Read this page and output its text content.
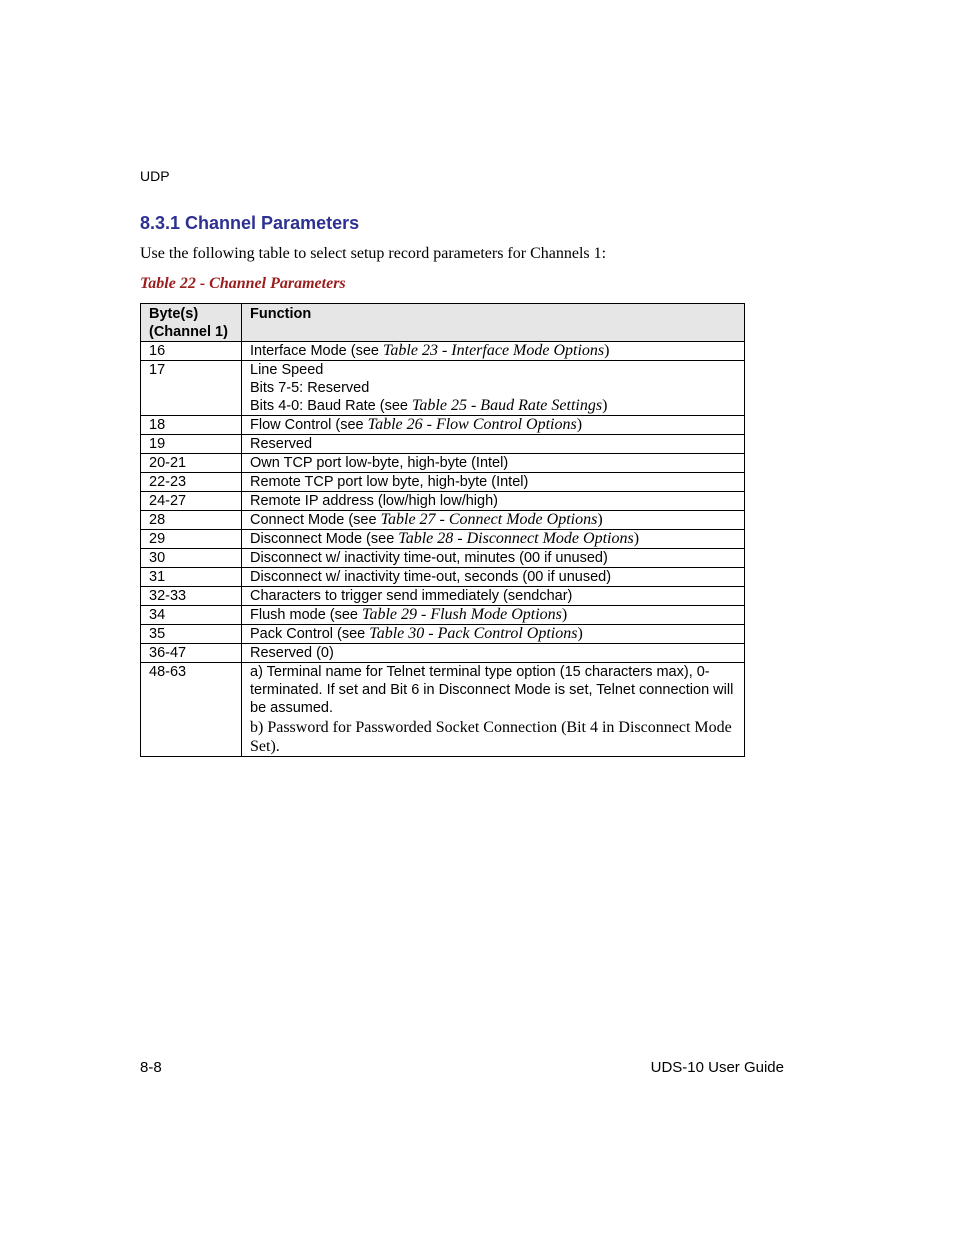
UDP
8.3.1 Channel Parameters
Use the following table to select setup record parameters for Channels 1:
Table 22 - Channel Parameters
Byte(s)
(Channel 1)	Function
16	Interface Mode (see Table 23 - Interface Mode Options)
17	Line Speed
Bits 7-5: Reserved
Bits 4-0: Baud Rate (see Table 25 - Baud Rate Settings)

18	Flow Control (see Table 26 - Flow Control Options)
19	Reserved
20-21	Own TCP port low-byte, high-byte (Intel)
22-23	Remote TCP port low byte, high-byte (Intel)
24-27	Remote IP address (low/high low/high)
28	Connect Mode (see Table 27 - Connect Mode Options)
29	Disconnect Mode (see Table 28 - Disconnect Mode Options)
30	Disconnect w/ inactivity time-out, minutes (00 if unused)
31	Disconnect w/ inactivity time-out, seconds (00 if unused)
32-33	Characters to trigger send immediately (sendchar)
34	Flush mode (see Table 29 - Flush Mode Options)
35	Pack Control (see Table 30 - Pack Control Options)
36-47	Reserved (0)
48-63	a) Terminal name for Telnet terminal type option (15 characters max), 0-terminated. If set and Bit 6 in Disconnect Mode is set, Telnet connection will be assumed.
b) Password for Passworded Socket Connection (Bit 4 in Disconnect Mode Set).
8-8	UDS-10 User Guide
